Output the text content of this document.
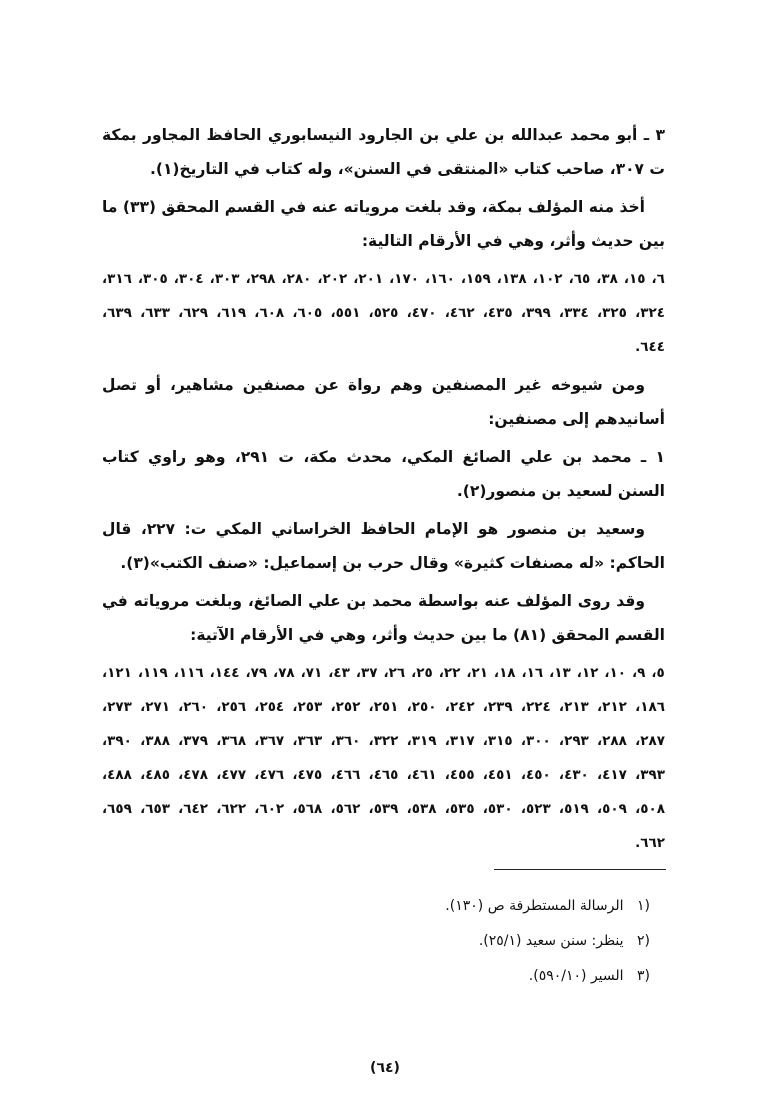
٣ ـ أبو محمد عبدالله بن علي بن الجارود النيسابوري الحافظ المجاور بمكة ت ٣٠٧، صاحب كتاب «المنتقى في السنن»، وله كتاب في التاريخ(١).

أخذ منه المؤلف بمكة، وقد بلغت مروياته عنه في القسم المحقق (٣٣) ما بين حديث وأثر، وهي في الأرقام التالية:

٦، ١٥، ٣٨، ٦٥، ١٠٢، ١٣٨، ١٥٩، ١٦٠، ١٧٠، ٢٠١، ٢٠٢، ٢٨٠، ٢٩٨، ٣٠٣، ٣٠٤، ٣٠٥، ٣١٦، ٣٢٤، ٣٢٥، ٣٣٤، ٣٩٩، ٤٣٥، ٤٦٢، ٤٧٠، ٥٢٥، ٥٥١، ٦٠٥، ٦٠٨، ٦١٩، ٦٢٩، ٦٣٣، ٦٣٩، ٦٤٤.

ومن شيوخه غير المصنفين وهم رواة عن مصنفين مشاهير، أو تصل أسانيدهم إلى مصنفين:

١ ـ محمد بن علي الصائغ المكي، محدث مكة، ت ٢٩١، وهو راوي كتاب السنن لسعيد بن منصور(٢).

وسعيد بن منصور هو الإمام الحافظ الخراساني المكي ت: ٢٢٧، قال الحاكم: «له مصنفات كثيرة» وقال حرب بن إسماعيل: «صنف الكتب»(٣).

وقد روى المؤلف عنه بواسطة محمد بن علي الصائغ، وبلغت مروياته في القسم المحقق (٨١) ما بين حديث وأثر، وهي في الأرقام الآتية:

٥، ٩، ١٠، ١٢، ١٣، ١٦، ١٨، ٢١، ٢٢، ٢٥، ٢٦، ٣٧، ٤٣، ٧١، ٧٨، ٧٩، ١٤٤، ١١٦، ١١٩، ١٢١، ١٨٦، ٢١٢، ٢١٣، ٢٢٤، ٢٣٩، ٢٤٢، ٢٥٠، ٢٥١، ٢٥٢، ٢٥٣، ٢٥٤، ٢٥٦، ٢٦٠، ٢٧١، ٢٧٣، ٢٨٧، ٢٨٨، ٢٩٣، ٣٠٠، ٣١٥، ٣١٧، ٣١٩، ٣٢٢، ٣٦٠، ٣٦٣، ٣٦٧، ٣٦٨، ٣٧٩، ٣٨٨، ٣٩٠، ٣٩٣، ٤١٧، ٤٣٠، ٤٥٠، ٤٥١، ٤٥٥، ٤٦١، ٤٦٥، ٤٦٦، ٤٧٥، ٤٧٦، ٤٧٧، ٤٧٨، ٤٨٥، ٤٨٨، ٥٠٨، ٥٠٩، ٥١٩، ٥٢٣، ٥٣٠، ٥٣٥، ٥٣٨، ٥٣٩، ٥٦٢، ٥٦٨، ٦٠٢، ٦٢٢، ٦٤٢، ٦٥٣، ٦٥٩، ٦٦٢.

(١ الرسالة المستطرفة ص (١٣٠).
(٢ ينظر: سنن سعيد (٢٥/١).
(٣ السير (٥٩٠/١٠).
(٦٤)
